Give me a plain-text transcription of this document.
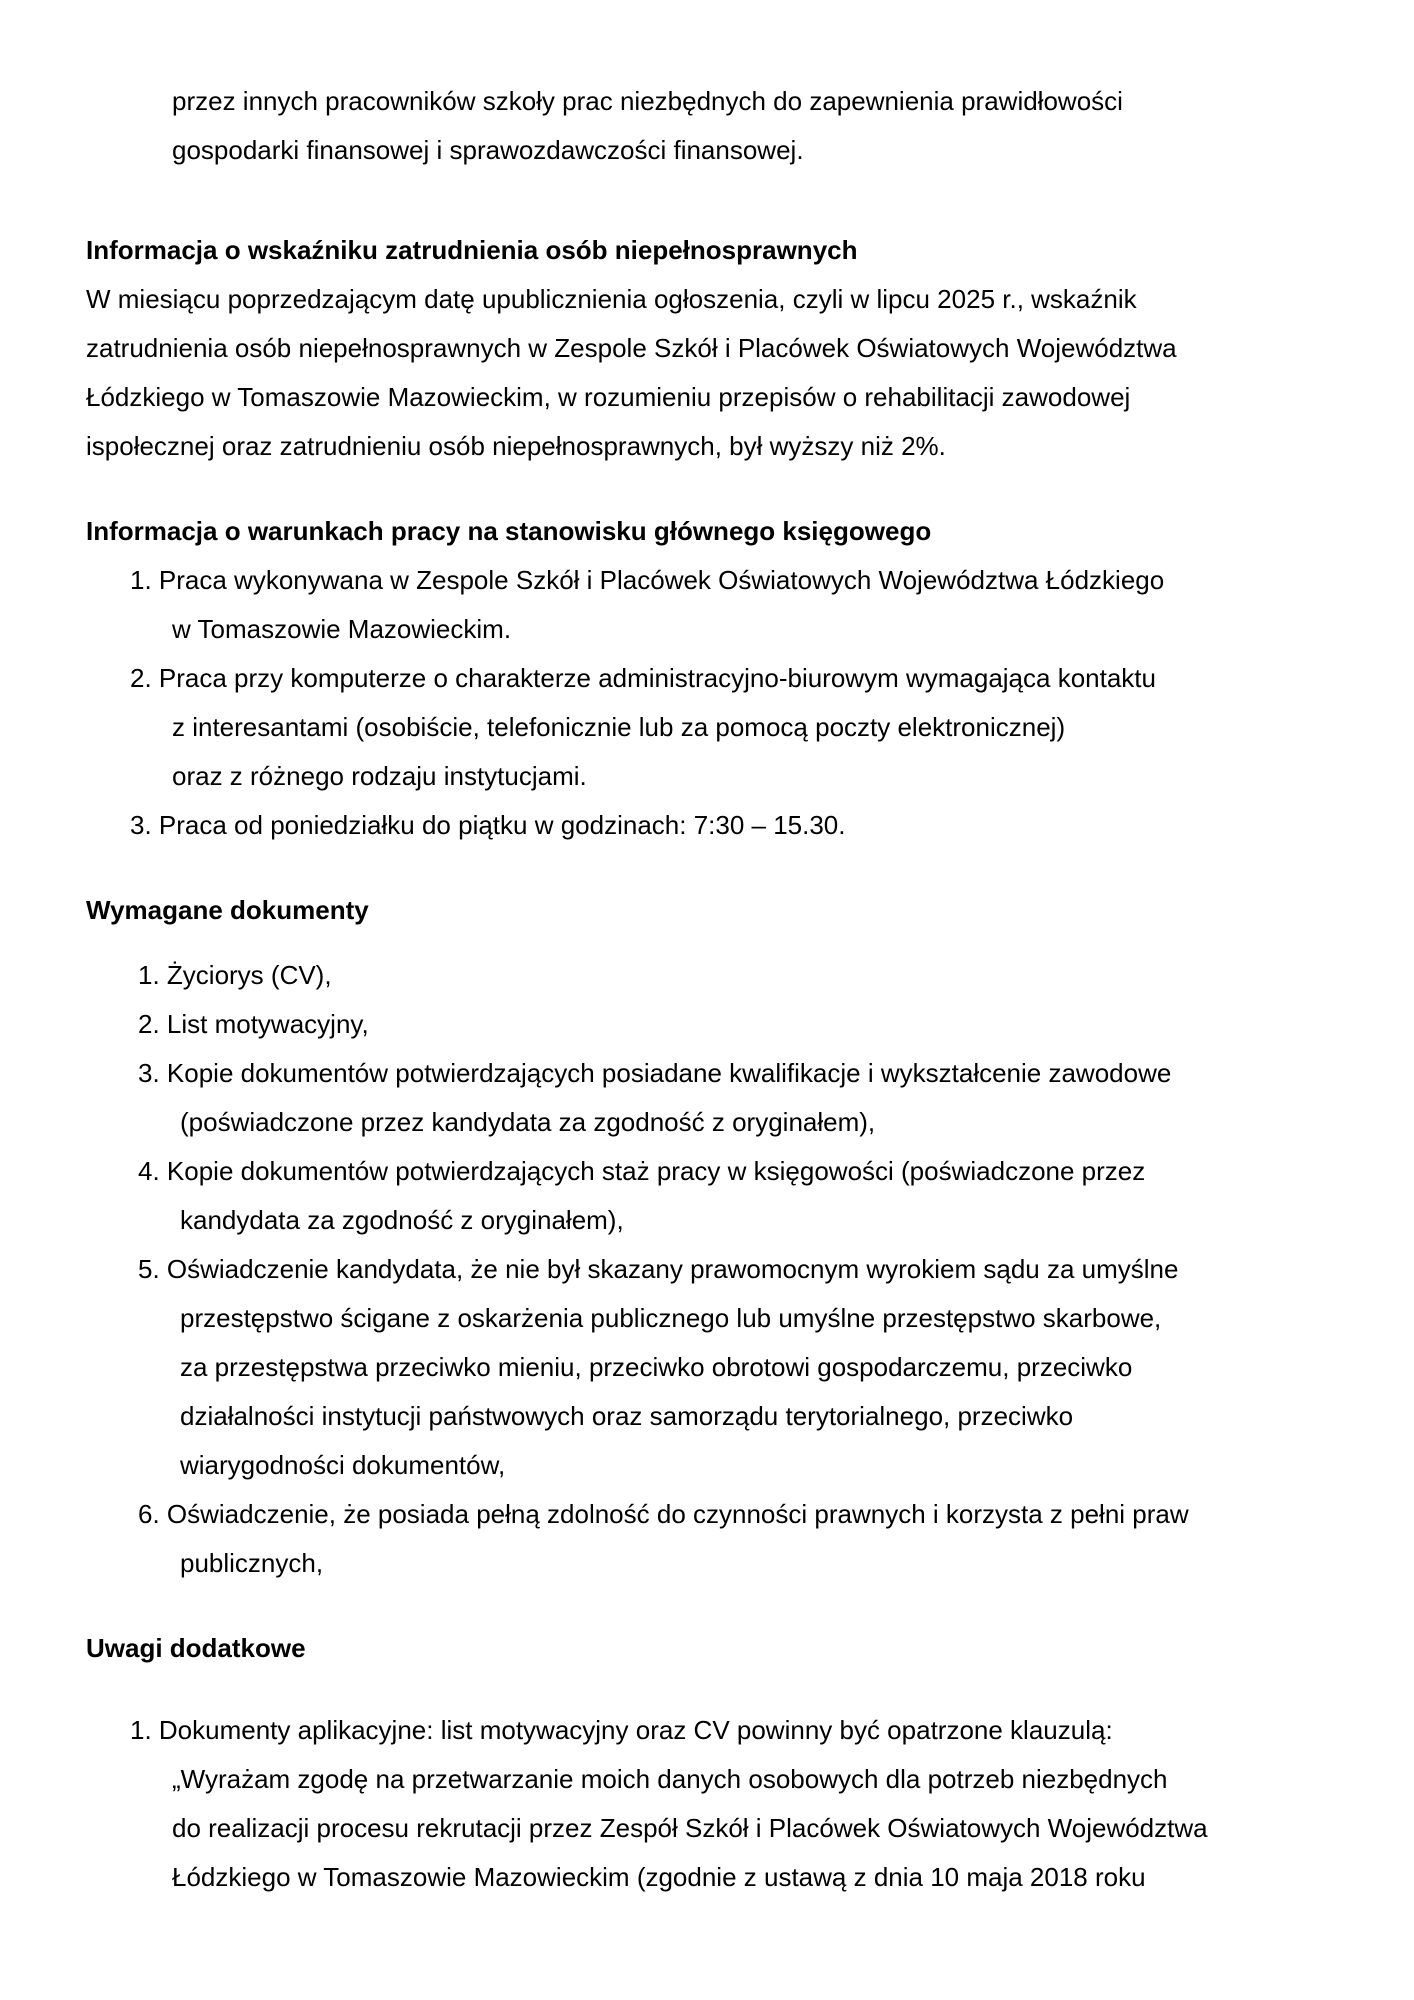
przez innych pracowników szkoły prac niezbędnych do zapewnienia prawidłowości
gospodarki finansowej i sprawozdawczości finansowej.
Informacja o wskaźniku zatrudnienia osób niepełnosprawnych
W miesiącu poprzedzającym datę upublicznienia ogłoszenia, czyli w lipcu 2025 r., wskaźnik
zatrudnienia osób niepełnosprawnych w Zespole Szkół i Placówek Oświatowych Województwa
Łódzkiego w Tomaszowie Mazowieckim, w rozumieniu przepisów o rehabilitacji zawodowej
ispołecznej oraz zatrudnieniu osób niepełnosprawnych, był wyższy niż 2%.
Informacja o warunkach pracy na stanowisku głównego księgowego
1. Praca wykonywana w Zespole Szkół i Placówek Oświatowych Województwa Łódzkiego
w Tomaszowie Mazowieckim.
2. Praca przy komputerze o charakterze administracyjno-biurowym wymagająca kontaktu
z interesantami (osobiście, telefonicznie lub za pomocą poczty elektronicznej)
oraz z różnego rodzaju instytucjami.
3. Praca od poniedziałku do piątku w godzinach: 7:30 – 15.30.
Wymagane dokumenty
1. Życiorys (CV),
2. List motywacyjny,
3. Kopie dokumentów potwierdzających posiadane kwalifikacje i wykształcenie zawodowe
(poświadczone przez kandydata za zgodność z oryginałem),
4. Kopie dokumentów potwierdzających staż pracy w księgowości (poświadczone przez
kandydata za zgodność z oryginałem),
5. Oświadczenie kandydata, że nie był skazany prawomocnym wyrokiem sądu za umyślne
przestępstwo ścigane z oskarżenia publicznego lub umyślne przestępstwo skarbowe,
za przestępstwa przeciwko mieniu, przeciwko obrotowi gospodarczemu, przeciwko
działalności instytucji państwowych oraz samorządu terytorialnego, przeciwko
wiarygodności dokumentów,
6. Oświadczenie, że posiada pełną zdolność do czynności prawnych i korzysta z pełni praw
publicznych,
Uwagi dodatkowe
1. Dokumenty aplikacyjne: list motywacyjny oraz CV powinny być opatrzone klauzulą:
„Wyrażam zgodę na przetwarzanie moich danych osobowych dla potrzeb niezbędnych
do realizacji procesu rekrutacji przez Zespół Szkół i Placówek Oświatowych Województwa
Łódzkiego w Tomaszowie Mazowieckim (zgodnie z ustawą z dnia 10 maja 2018 roku
